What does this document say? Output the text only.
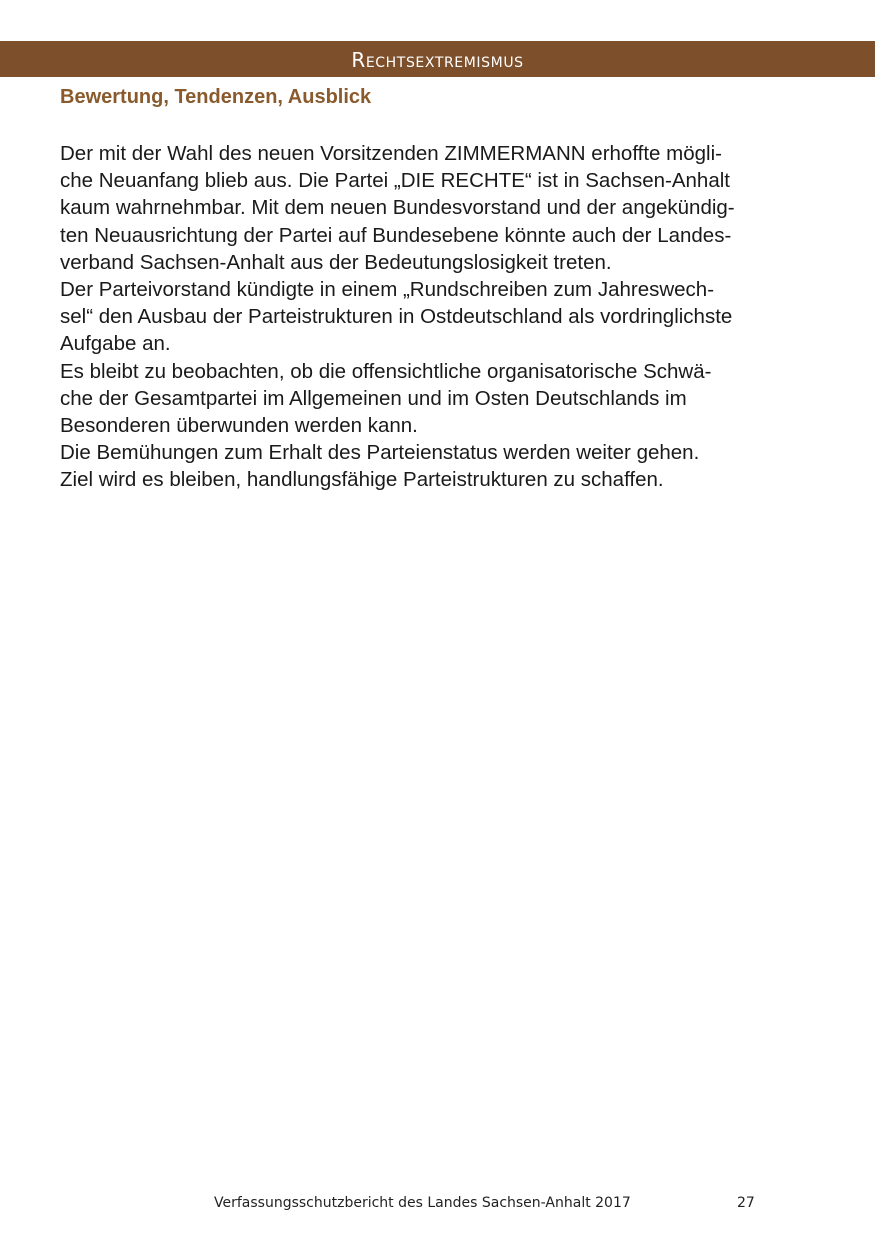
Rechtsextremismus
Bewertung, Tendenzen, Ausblick
Der mit der Wahl des neuen Vorsitzenden ZIMMERMANN erhoffte mögli-
che Neuanfang blieb aus. Die Partei „DIE RECHTE“ ist in Sachsen-Anhalt
kaum wahrnehmbar. Mit dem neuen Bundesvorstand und der angekündig-
ten Neuausrichtung der Partei auf Bundesebene könnte auch der Landes-
verband Sachsen-Anhalt aus der Bedeutungslosigkeit treten.
Der Parteivorstand kündigte in einem „Rundschreiben zum Jahreswech-
sel“ den Ausbau der Parteistrukturen in Ostdeutschland als vordringlichste
Aufgabe an.
Es bleibt zu beobachten, ob die offensichtliche organisatorische Schwä-
che der Gesamtpartei im Allgemeinen und im Osten Deutschlands im
Besonderen überwunden werden kann.
Die Bemühungen zum Erhalt des Parteienstatus werden weiter gehen.
Ziel wird es bleiben, handlungsfähige Parteistrukturen zu schaffen.
Verfassungsschutzbericht des Landes Sachsen-Anhalt 2017	27
